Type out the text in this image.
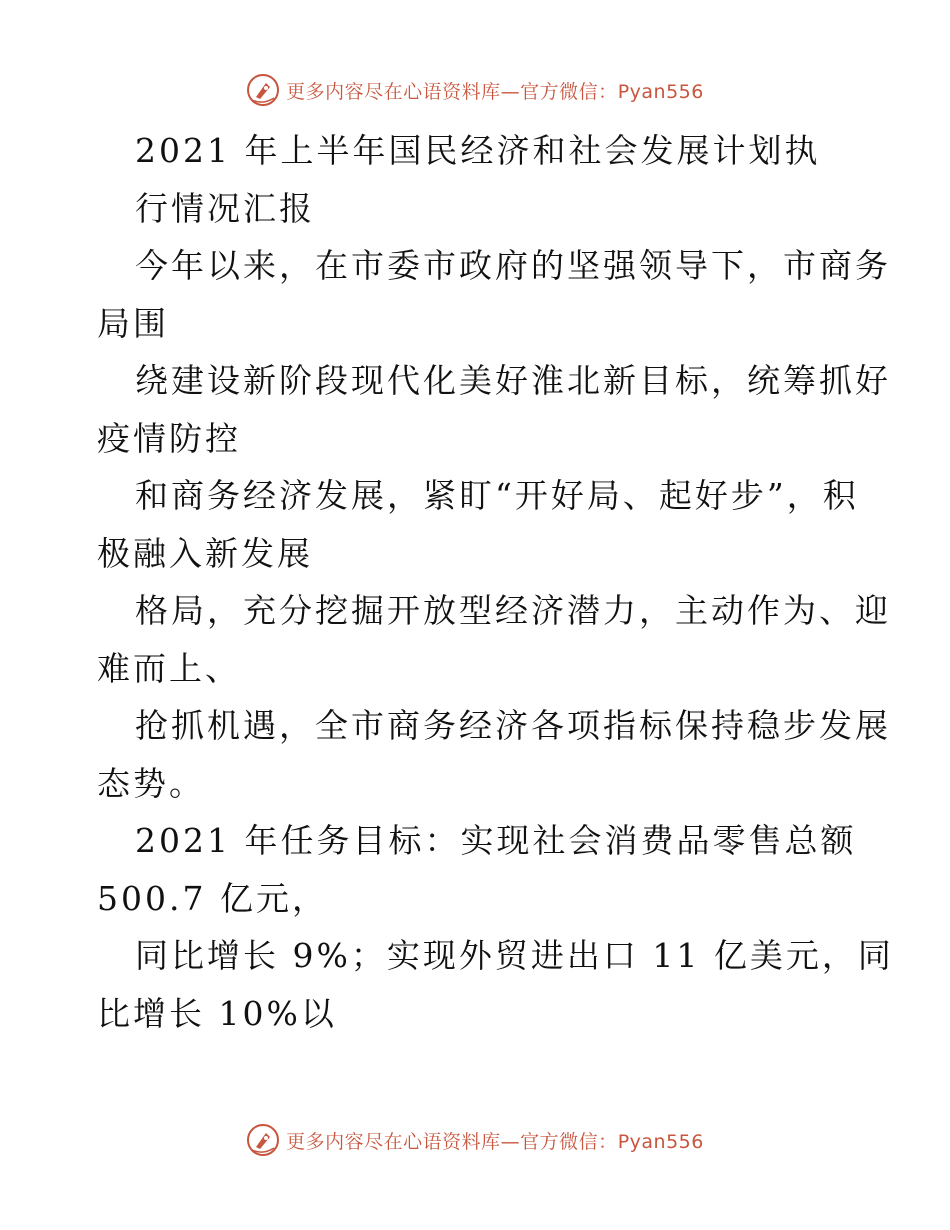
更多内容尽在心语资料库—官方微信：Pyan556
2021 年上半年国民经济和社会发展计划执
行情况汇报
今年以来，在市委市政府的坚强领导下，市商务
局围
绕建设新阶段现代化美好淮北新目标，统筹抓好
疫情防控
和商务经济发展，紧盯“开好局、起好步”，积
极融入新发展
格局，充分挖掘开放型经济潜力，主动作为、迎
难而上、
抢抓机遇，全市商务经济各项指标保持稳步发展
态势。
2021 年任务目标：实现社会消费品零售总额
500.7 亿元，
同比增长 9%；实现外贸进出口 11 亿美元，同
比增长 10%以
更多内容尽在心语资料库—官方微信：Pyan556
